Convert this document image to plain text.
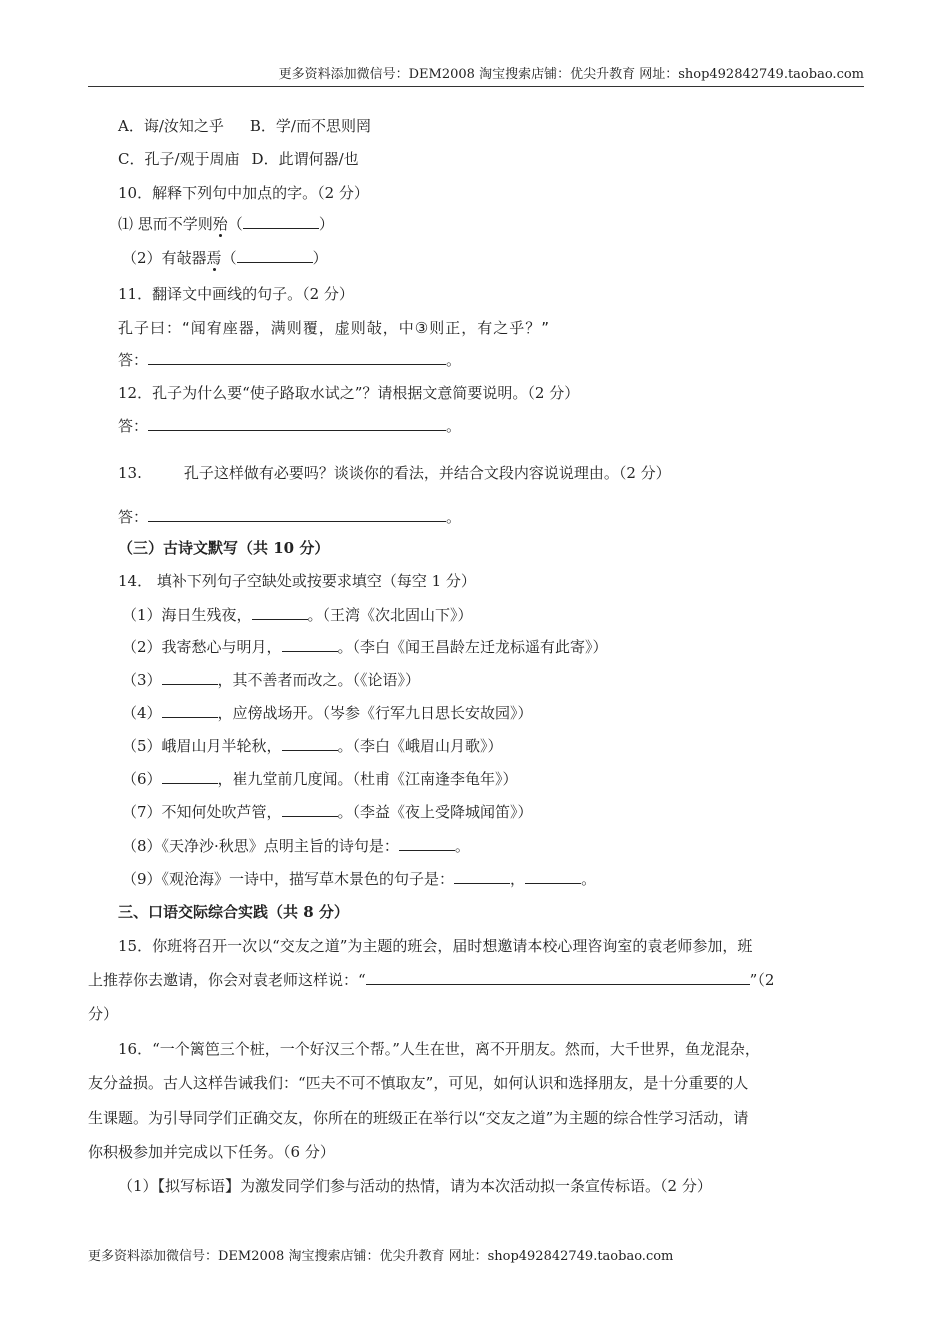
更多资料添加微信号：DEM2008 淘宝搜索店铺：优尖升教育 网址：shop492842749.taobao.com
A．诲/汝知之乎 B．学/而不思则罔
C．孔子/观于周庙 D．此谓何器/也
10．解释下列句中加点的字。（2 分）
⑴ 思而不学则殆（	）
（2）有敧器焉（	）
11．翻译文中画线的句子。（2 分）
孔子曰：“闻宥座器，满则覆，虚则敧，中③则正，有之乎？”
答：	。
12．孔子为什么要“使子路取水试之”？请根据文意简要说明。（2 分）
答：	。
13.	孔子这样做有必要吗？谈谈你的看法，并结合文段内容说说理由。（2 分）
答：	。
（三）古诗文默写（共 10 分）
14． 填补下列句子空缺处或按要求填空（每空 1 分）
（1）海日生残夜，	。（王湾《次北固山下》）
（2）我寄愁心与明月，	。（李白《闻王昌龄左迁龙标遥有此寄》）
（3）	，其不善者而改之。（《论语》）
（4）	，应傍战场开。（岑参《行军九日思长安故园》）
（5）峨眉山月半轮秋，	。（李白《峨眉山月歌》）
（6）	，崔九堂前几度闻。（杜甫《江南逢李龟年》）
（7）不知何处吹芦管，	。（李益《夜上受降城闻笛》）
（8）《天净沙·秋思》点明主旨的诗句是：	。
（9）《观沧海》一诗中，描写草木景色的句子是：	，	。
三、口语交际综合实践（共 8 分）
15．你班将召开一次以“交友之道”为主题的班会，届时想邀请本校心理咨询室的袁老师参加，班
上推荐你去邀请，你会对袁老师这样说：“	”（2
分）
16．“一个篱笆三个桩，一个好汉三个帮。”人生在世，离不开朋友。然而，大千世界，鱼龙混杂，
友分益损。古人这样告诫我们：“匹夫不可不慎取友”，可见，如何认识和选择朋友，是十分重要的人
生课题。为引导同学们正确交友，你所在的班级正在举行以“交友之道”为主题的综合性学习活动，请
你积极参加并完成以下任务。（6 分）
（1）【拟写标语】为激发同学们参与活动的热情，请为本次活动拟一条宣传标语。（2 分）
更多资料添加微信号：DEM2008 淘宝搜索店铺：优尖升教育 网址：shop492842749.taobao.com
